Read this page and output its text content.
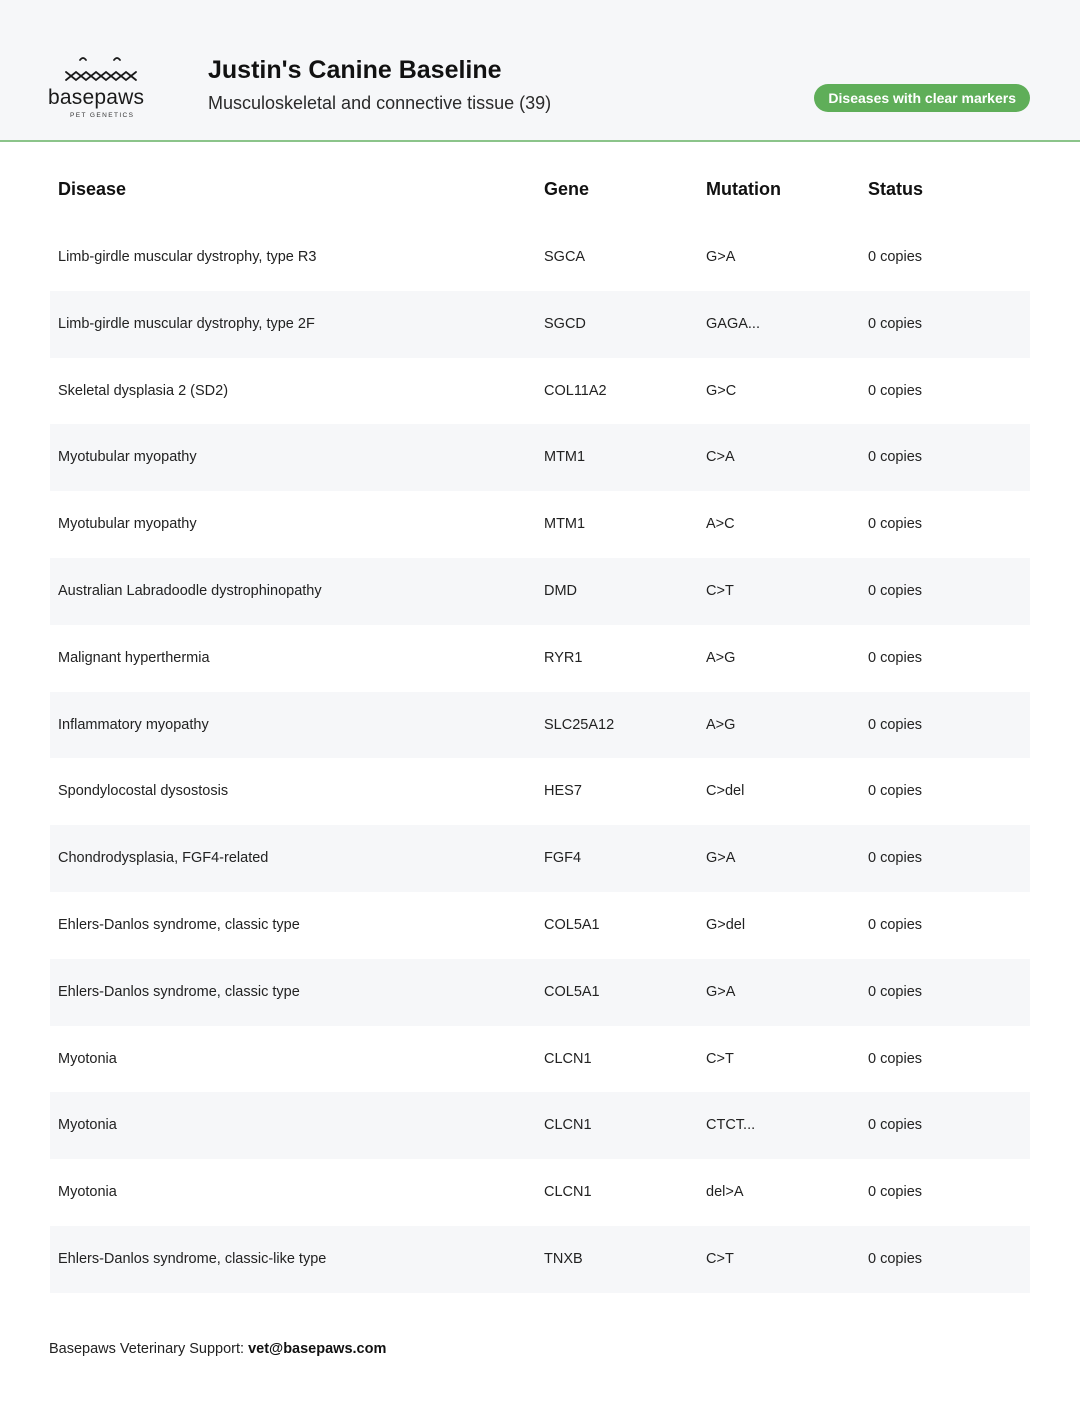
basepaws
PET GENETICS
Justin's Canine Baseline
Musculoskeletal and connective tissue (39)	Diseases with clear markers
Disease	Gene	Mutation	Status
Limb-girdle muscular dystrophy, type R3	SGCA	G>A	0 copies
Limb-girdle muscular dystrophy, type 2F	SGCD	GAGA...	0 copies
Skeletal dysplasia 2 (SD2)	COL11A2	G>C	0 copies
Myotubular myopathy	MTM1	C>A	0 copies
Myotubular myopathy	MTM1	A>C	0 copies
Australian Labradoodle dystrophinopathy	DMD	C>T	0 copies
Malignant hyperthermia	RYR1	A>G	0 copies
Inflammatory myopathy	SLC25A12	A>G	0 copies
Spondylocostal dysostosis	HES7	C>del	0 copies
Chondrodysplasia, FGF4-related	FGF4	G>A	0 copies
Ehlers-Danlos syndrome, classic type	COL5A1	G>del	0 copies
Ehlers-Danlos syndrome, classic type	COL5A1	G>A	0 copies
Myotonia	CLCN1	C>T	0 copies
Myotonia	CLCN1	CTCT...	0 copies
Myotonia	CLCN1	del>A	0 copies
Ehlers-Danlos syndrome, classic-like type	TNXB	C>T	0 copies
Basepaws Veterinary Support: vet@basepaws.com
